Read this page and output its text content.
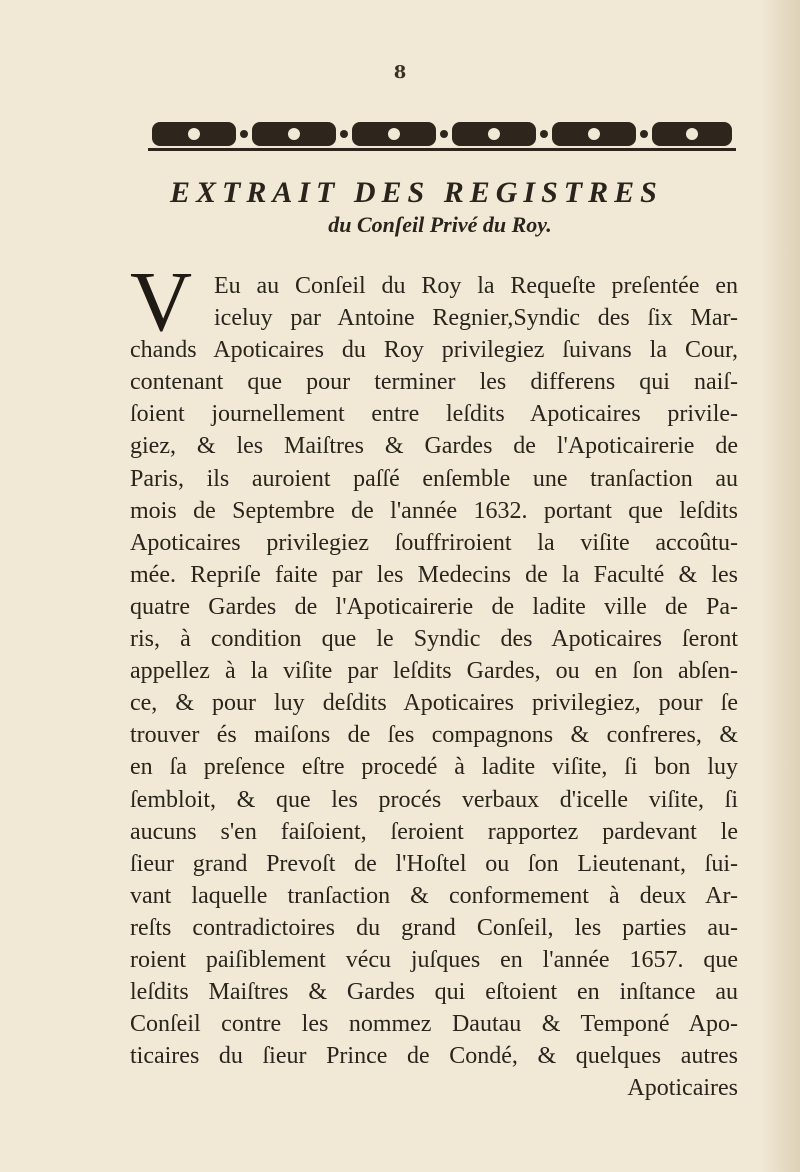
8
EXTRAIT DES REGISTRES
du Conſeil Privé du Roy.
V Eu au Conſeil du Roy la Requeſte preſentée en
iceluy par Antoine Regnier,Syndic des ſix Mar-
chands Apoticaires du Roy privilegiez ſuivans la Cour,
contenant que pour terminer les differens qui naiſ-
ſoient journellement entre leſdits Apoticaires privile-
giez, & les Maiſtres & Gardes de l'Apoticairerie de
Paris, ils auroient paſſé enſemble une tranſaction au
mois de Septembre de l'année 1632. portant que leſdits
Apoticaires privilegiez ſouffriroient la viſite accoûtu-
mée. Repriſe faite par les Medecins de la Faculté & les
quatre Gardes de l'Apoticairerie de ladite ville de Pa-
ris, à condition que le Syndic des Apoticaires ſeront
appellez à la viſite par leſdits Gardes, ou en ſon abſen-
ce, & pour luy deſdits Apoticaires privilegiez, pour ſe
trouver és maiſons de ſes compagnons & confreres, &
en ſa preſence eſtre procedé à ladite viſite, ſi bon luy
ſembloit, & que les procés verbaux d'icelle viſite, ſi
aucuns s'en faiſoient, ſeroient rapportez pardevant le
ſieur grand Prevoſt de l'Hoſtel ou ſon Lieutenant, ſui-
vant laquelle tranſaction & conformement à deux Ar-
reſts contradictoires du grand Conſeil, les parties au-
roient paiſiblement vécu juſques en l'année 1657. que
leſdits Maiſtres & Gardes qui eſtoient en inſtance au
Conſeil contre les nommez Dautau & Temponé Apo-
ticaires du ſieur Prince de Condé, & quelques autres
Apoticaires
